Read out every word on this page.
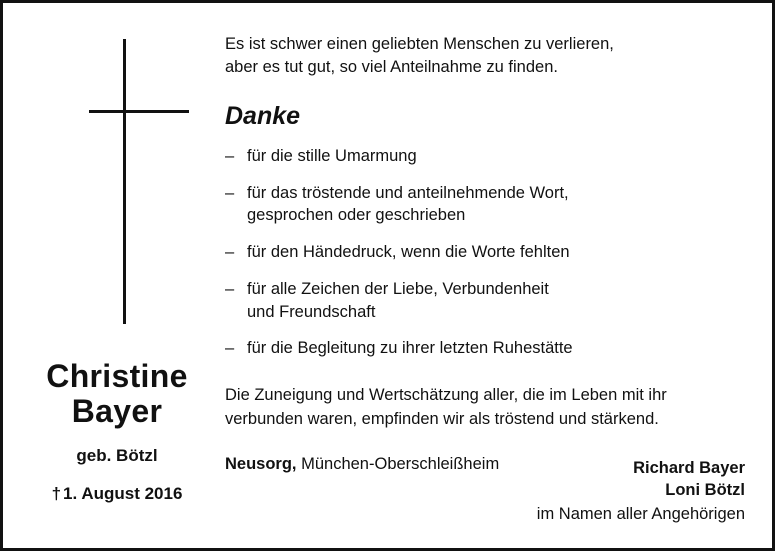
Christine
Bayer
geb. Bötzl
† 1. August 2016
Es ist schwer einen geliebten Menschen zu verlieren,
aber es tut gut, so viel Anteilnahme zu finden.
Danke
– für die stille Umarmung
– für das tröstende und anteilnehmende Wort,
gesprochen oder geschrieben
– für den Händedruck, wenn die Worte fehlten
– für alle Zeichen der Liebe, Verbundenheit
und Freundschaft
– für die Begleitung zu ihrer letzten Ruhestätte
Die Zuneigung und Wertschätzung aller, die im Leben mit ihr
verbunden waren, empfinden wir als tröstend und stärkend.
Neusorg, München-Oberschleißheim	Richard Bayer
Loni Bötzl
im Namen aller Angehörigen
